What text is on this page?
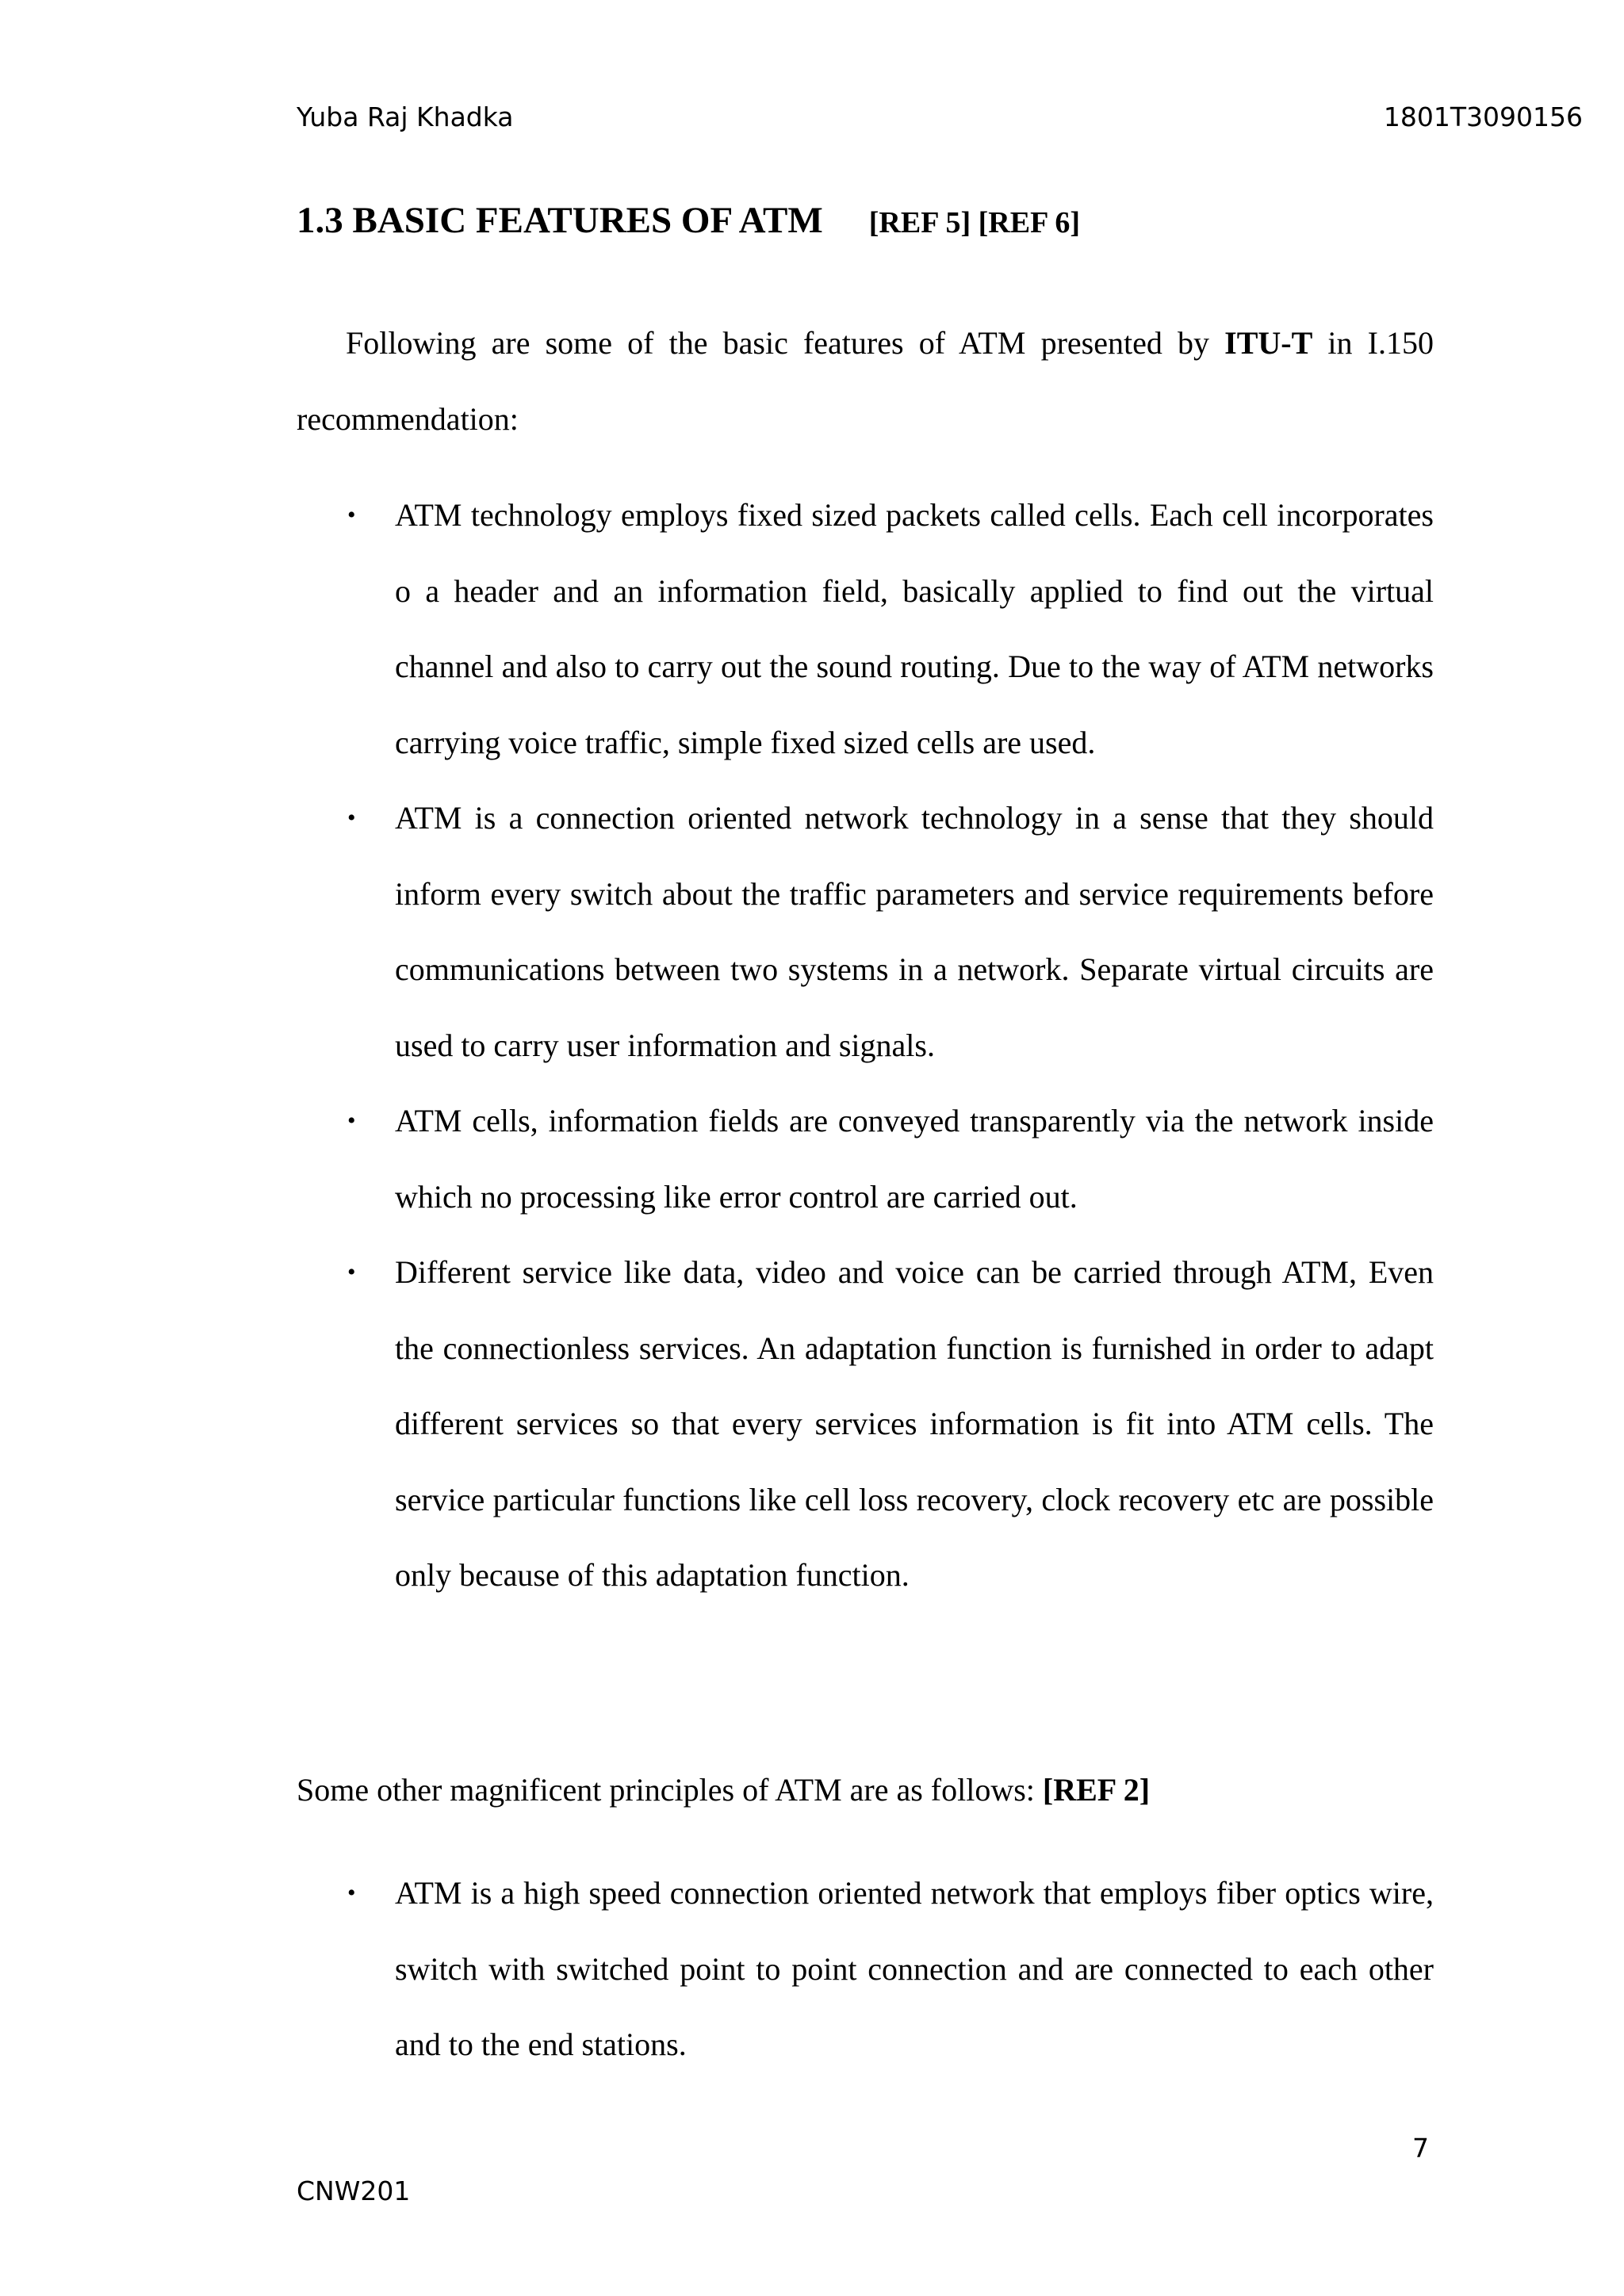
Yuba Raj Khadka	1801T3090156
1.3 BASIC FEATURES OF ATM [REF 5] [REF 6]

Following are some of the basic features of ATM presented by ITU-T in I.150 recommendation:

• ATM technology employs fixed sized packets called cells. Each cell incorporates o a header and an information field, basically applied to find out the virtual channel and also to carry out the sound routing. Due to the way of ATM networks carrying voice traffic, simple fixed sized cells are used.
• ATM is a connection oriented network technology in a sense that they should inform every switch about the traffic parameters and service requirements before communications between two systems in a network. Separate virtual circuits are used to carry user information and signals.
• ATM cells, information fields are conveyed transparently via the network inside which no processing like error control are carried out.
• Different service like data, video and voice can be carried through ATM, Even the connectionless services. An adaptation function is furnished in order to adapt different services so that every services information is fit into ATM cells. The service particular functions like cell loss recovery, clock recovery etc are possible only because of this adaptation function.

Some other magnificent principles of ATM are as follows: [REF 2]

• ATM is a high speed connection oriented network that employs fiber optics wire, switch with switched point to point connection and are connected to each other and to the end stations.
7
CNW201
